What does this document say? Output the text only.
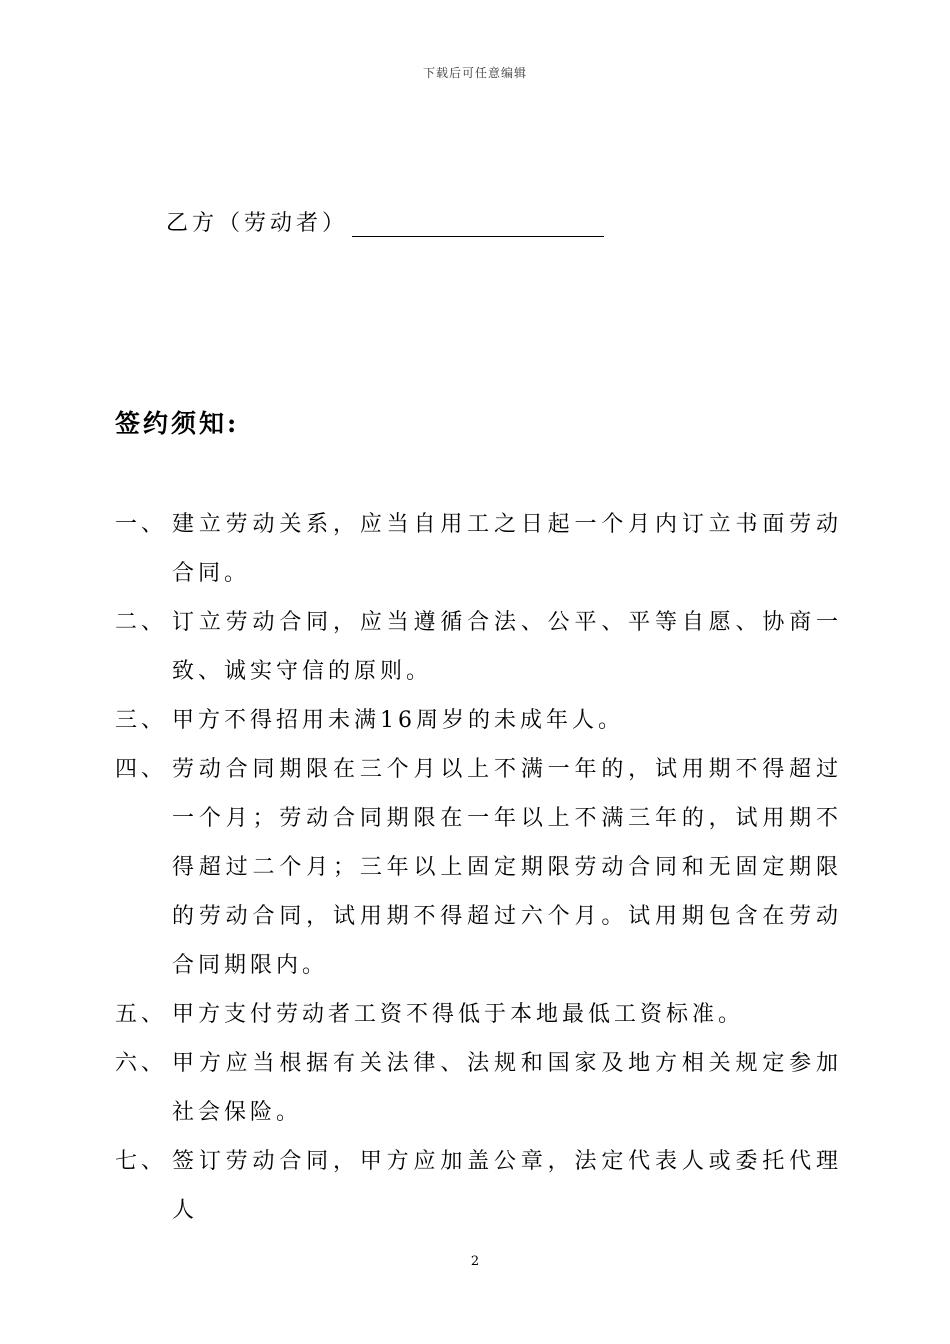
下载后可任意编辑
乙方（劳动者）
签约须知:
一、 建立劳动关系，应当自用工之日起一个月内订立书面劳动合同。
二、 订立劳动合同，应当遵循合法、公平、平等自愿、协商一致、诚实守信的原则。
三、 甲方不得招用未满16周岁的未成年人。
四、 劳动合同期限在三个月以上不满一年的，试用期不得超过一个月；劳动合同期限在一年以上不满三年的，试用期不得超过二个月；三年以上固定期限劳动合同和无固定期限的劳动合同，试用期不得超过六个月。试用期包含在劳动合同期限内。
五、 甲方支付劳动者工资不得低于本地最低工资标准。
六、 甲方应当根据有关法律、法规和国家及地方相关规定参加社会保险。
七、 签订劳动合同，甲方应加盖公章，法定代表人或委托代理人
2
